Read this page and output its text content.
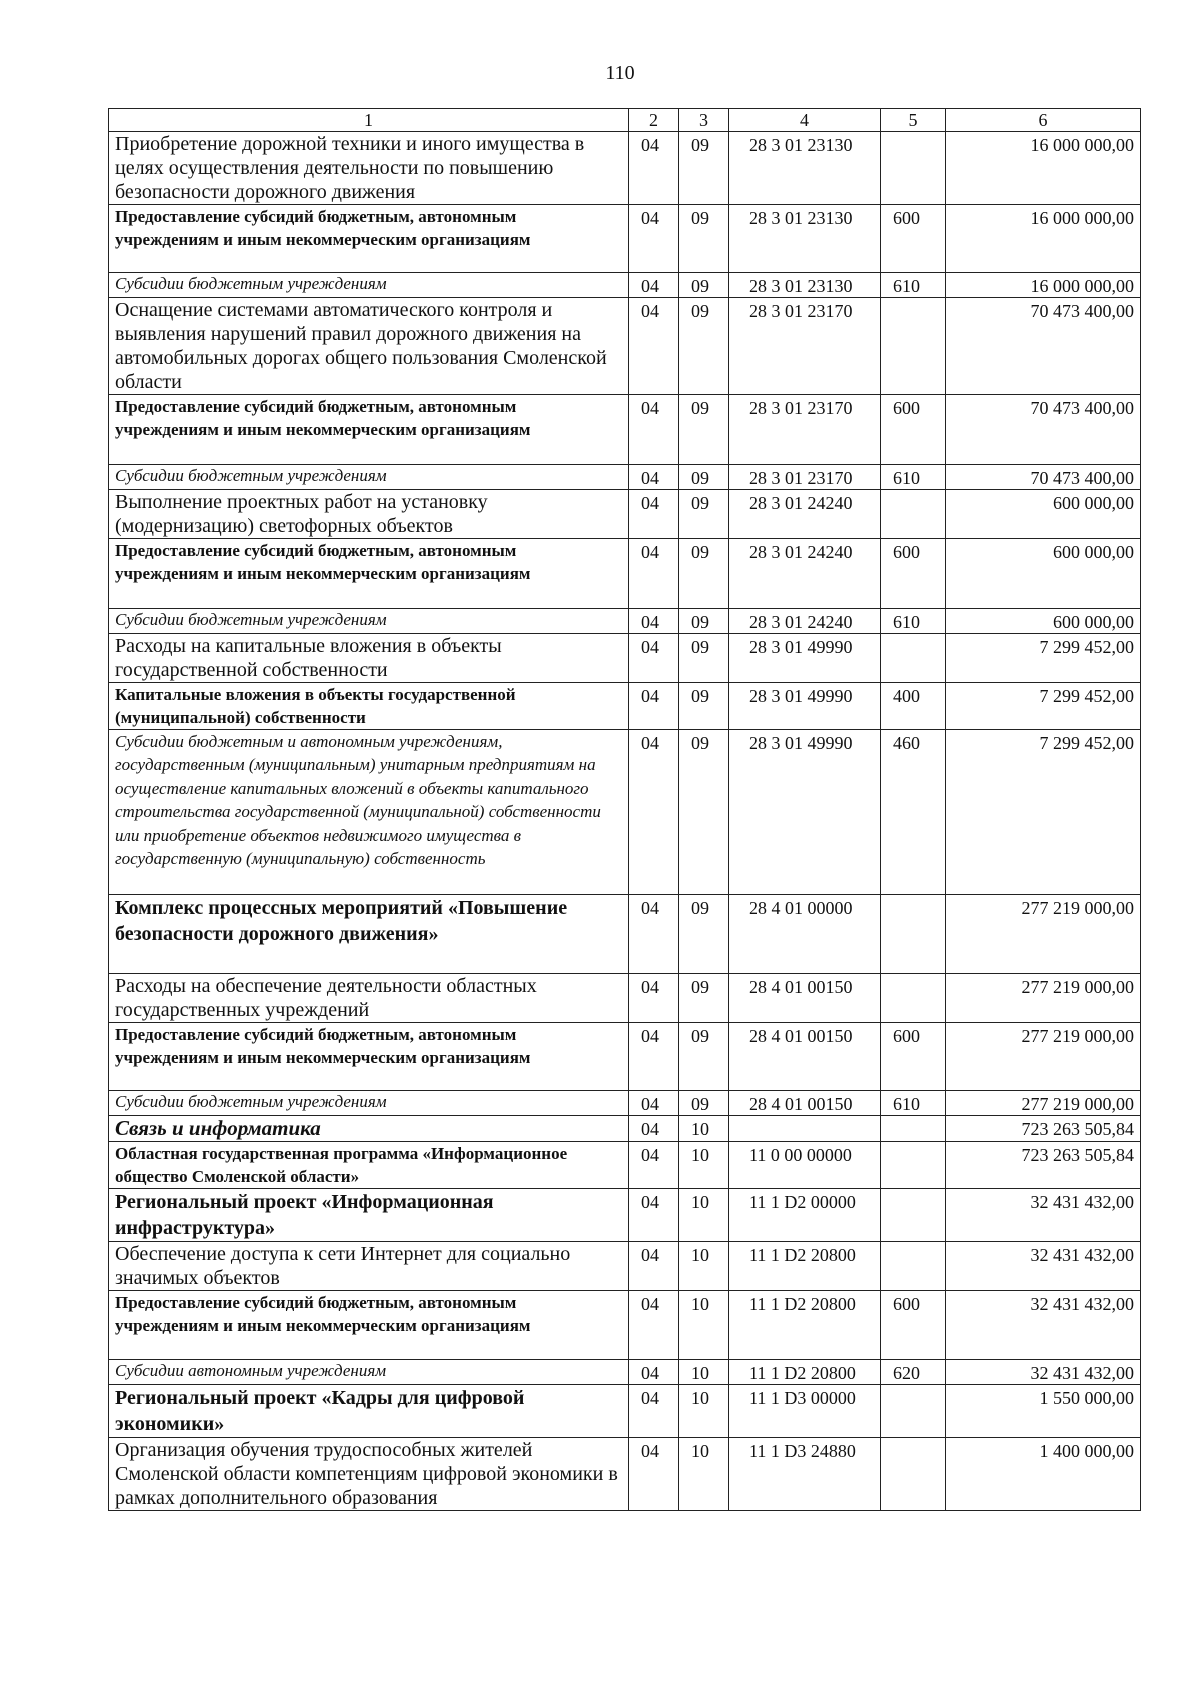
110
1	2	3	4	5	6
Приобретение дорожной техники и иного имущества в целях осуществления деятельности по повышению безопасности дорожного движения	04	09	28 3 01 23130		16 000 000,00
Предоставление субсидий бюджетным, автономным учреждениям и иным некоммерческим организациям	04	09	28 3 01 23130	600	16 000 000,00
Субсидии бюджетным учреждениям	04	09	28 3 01 23130	610	16 000 000,00
Оснащение системами автоматического контроля и выявления нарушений правил дорожного движения на автомобильных дорогах общего пользования Смоленской области	04	09	28 3 01 23170		70 473 400,00
Предоставление субсидий бюджетным, автономным учреждениям и иным некоммерческим организациям	04	09	28 3 01 23170	600	70 473 400,00
Субсидии бюджетным учреждениям	04	09	28 3 01 23170	610	70 473 400,00
Выполнение проектных работ на установку (модернизацию) светофорных объектов	04	09	28 3 01 24240		600 000,00
Предоставление субсидий бюджетным, автономным учреждениям и иным некоммерческим организациям	04	09	28 3 01 24240	600	600 000,00
Субсидии бюджетным учреждениям	04	09	28 3 01 24240	610	600 000,00
Расходы на капитальные вложения в объекты государственной собственности	04	09	28 3 01 49990		7 299 452,00
Капитальные вложения в объекты государственной (муниципальной) собственности	04	09	28 3 01 49990	400	7 299 452,00
Субсидии бюджетным и автономным учреждениям, государственным (муниципальным) унитарным предприятиям на осуществление капитальных вложений в объекты капитального строительства государственной (муниципальной) собственности или приобретение объектов недвижимого имущества в государственную (муниципальную) собственность	04	09	28 3 01 49990	460	7 299 452,00
Комплекс процессных мероприятий «Повышение безопасности дорожного движения»	04	09	28 4 01 00000		277 219 000,00
Расходы на обеспечение деятельности областных государственных учреждений	04	09	28 4 01 00150		277 219 000,00
Предоставление субсидий бюджетным, автономным учреждениям и иным некоммерческим организациям	04	09	28 4 01 00150	600	277 219 000,00
Субсидии бюджетным учреждениям	04	09	28 4 01 00150	610	277 219 000,00
Связь и информатика	04	10			723 263 505,84
Областная государственная программа «Информационное общество Смоленской области»	04	10	11 0 00 00000		723 263 505,84
Региональный проект «Информационная инфраструктура»	04	10	11 1 D2 00000		32 431 432,00
Обеспечение доступа к сети Интернет для социально значимых объектов	04	10	11 1 D2 20800		32 431 432,00
Предоставление субсидий бюджетным, автономным учреждениям и иным некоммерческим организациям	04	10	11 1 D2 20800	600	32 431 432,00
Субсидии автономным учреждениям	04	10	11 1 D2 20800	620	32 431 432,00
Региональный проект «Кадры для цифровой экономики»	04	10	11 1 D3 00000		1 550 000,00
Организация обучения трудоспособных жителей Смоленской области компетенциям цифровой экономики в рамках дополнительного образования	04	10	11 1 D3 24880		1 400 000,00
